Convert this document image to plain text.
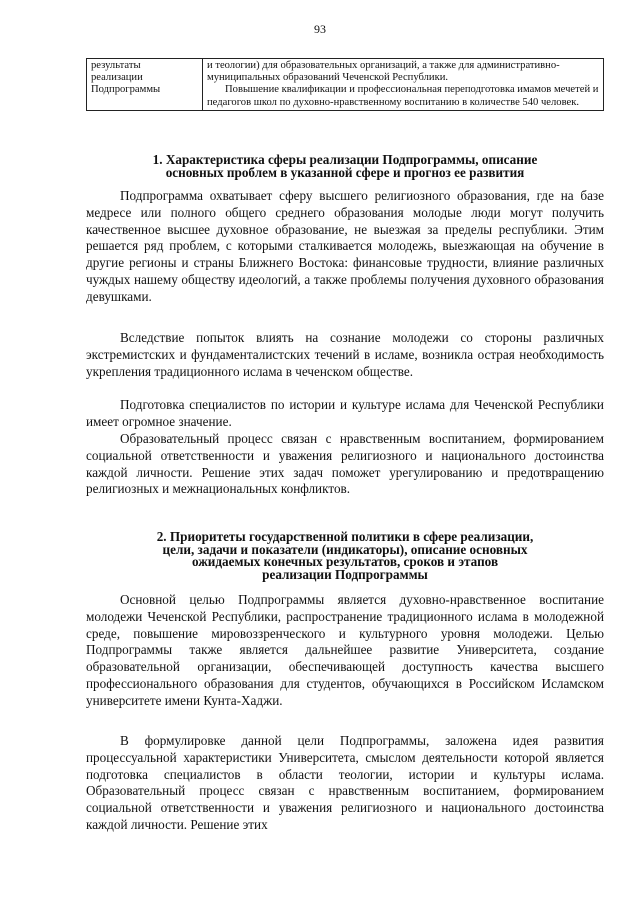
93
результаты
реализации
Подпрограммы	и теологии) для образовательных организаций, а также для административно-муниципальных образований Чеченской Республики.
Повышение квалификации и профессиональная переподготовка имамов мечетей и педагогов школ по духовно-нравственному воспитанию в количестве 540 человек.
1. Характеристика сферы реализации Подпрограммы, описание
основных проблем в указанной сфере и прогноз ее развития
Подпрограмма охватывает сферу высшего религиозного образования, где на базе медресе или полного общего среднего образования молодые люди могут получить качественное высшее духовное образование, не выезжая за пределы республики. Этим решается ряд проблем, с которыми сталкивается молодежь, выезжающая на обучение в другие регионы и страны Ближнего Востока: финансовые трудности, влияние различных чуждых нашему обществу идеологий, а также проблемы получения духовного образования девушками.
Вследствие попыток влиять на сознание молодежи со стороны различных экстремистских и фундаменталистских течений в исламе, возникла острая необходимость укрепления традиционного ислама в чеченском обществе.
Подготовка специалистов по истории и культуре ислама для Чеченской Республики имеет огромное значение.
Образовательный процесс связан с нравственным воспитанием, формированием социальной ответственности и уважения религиозного и национального достоинства каждой личности. Решение этих задач поможет урегулированию и предотвращению религиозных и межнациональных конфликтов.
2. Приоритеты государственной политики в сфере реализации,
цели, задачи и показатели (индикаторы), описание основных
ожидаемых конечных результатов, сроков и этапов
реализации Подпрограммы
Основной целью Подпрограммы является духовно-нравственное воспитание молодежи Чеченской Республики, распространение традиционного ислама в молодежной среде, повышение мировоззренческого и культурного уровня молодежи. Целью Подпрограммы также является дальнейшее развитие Университета, создание образовательной организации, обеспечивающей доступность качества высшего профессионального образования для студентов, обучающихся в Российском Исламском университете имени Кунта-Хаджи.
В формулировке данной цели Подпрограммы, заложена идея развития процессуальной характеристики Университета, смыслом деятельности которой является подготовка специалистов в области теологии, истории и культуры ислама. Образовательный процесс связан с нравственным воспитанием, формированием социальной ответственности и уважения религиозного и национального достоинства каждой личности. Решение этих
